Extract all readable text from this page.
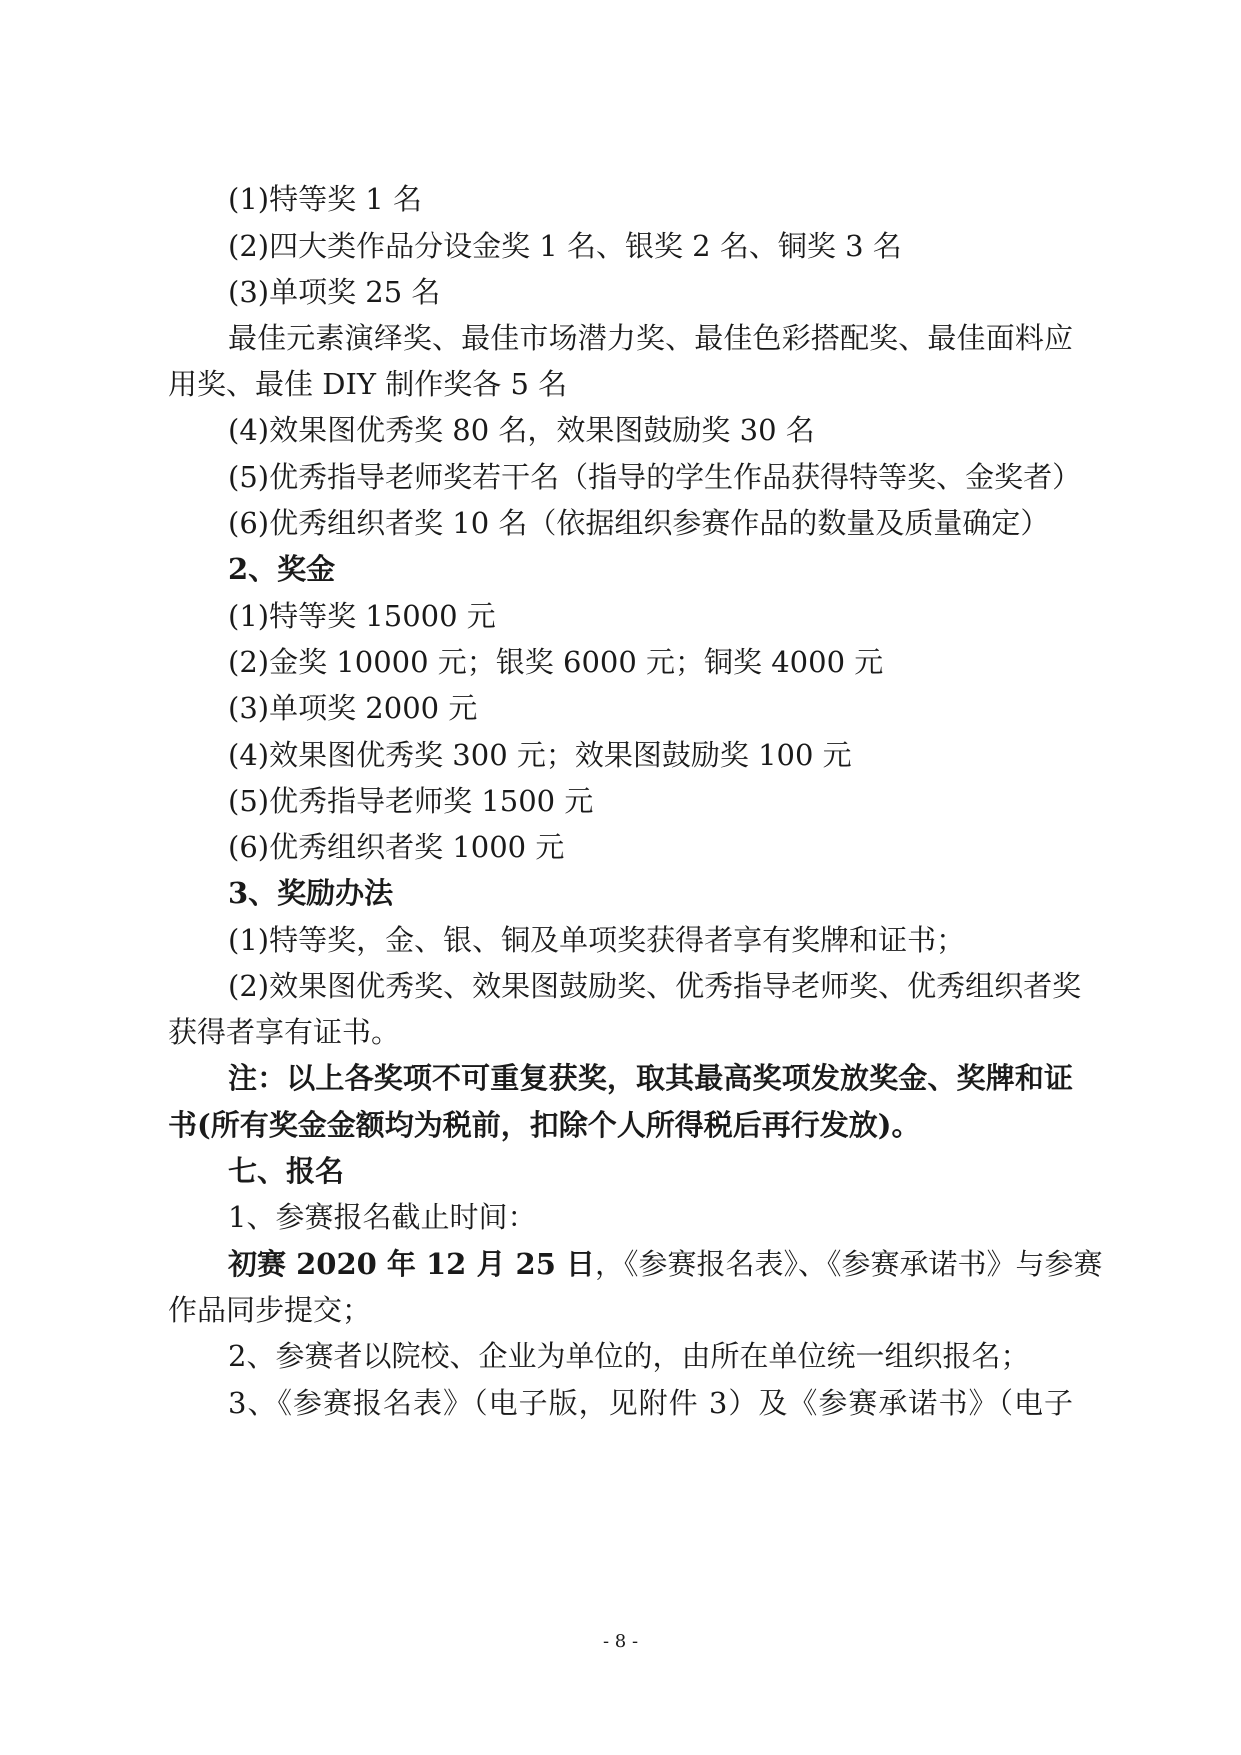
(1)特等奖 1 名
(2)四大类作品分设金奖 1 名、银奖 2 名、铜奖 3 名
(3)单项奖 25 名
最佳元素演绎奖、最佳市场潜力奖、最佳色彩搭配奖、最佳面料应
用奖、最佳 DIY 制作奖各 5 名
(4)效果图优秀奖 80 名，效果图鼓励奖 30 名
(5)优秀指导老师奖若干名（指导的学生作品获得特等奖、金奖者）
(6)优秀组织者奖 10 名（依据组织参赛作品的数量及质量确定）
2、奖金
(1)特等奖 15000 元
(2)金奖 10000 元；银奖 6000 元；铜奖 4000 元
(3)单项奖 2000 元
(4)效果图优秀奖 300 元；效果图鼓励奖 100 元
(5)优秀指导老师奖 1500 元
(6)优秀组织者奖 1000 元
3、奖励办法
(1)特等奖，金、银、铜及单项奖获得者享有奖牌和证书；
(2)效果图优秀奖、效果图鼓励奖、优秀指导老师奖、优秀组织者奖
获得者享有证书。
注：以上各奖项不可重复获奖，取其最高奖项发放奖金、奖牌和证
书(所有奖金金额均为税前，扣除个人所得税后再行发放)。
七、报名
1、参赛报名截止时间：
初赛 2020 年 12 月 25 日，《参赛报名表》、《参赛承诺书》与参赛
作品同步提交；
2、参赛者以院校、企业为单位的，由所在单位统一组织报名；
3、《参赛报名表》（电子版，见附件 3）及《参赛承诺书》（电子
- 8 -
